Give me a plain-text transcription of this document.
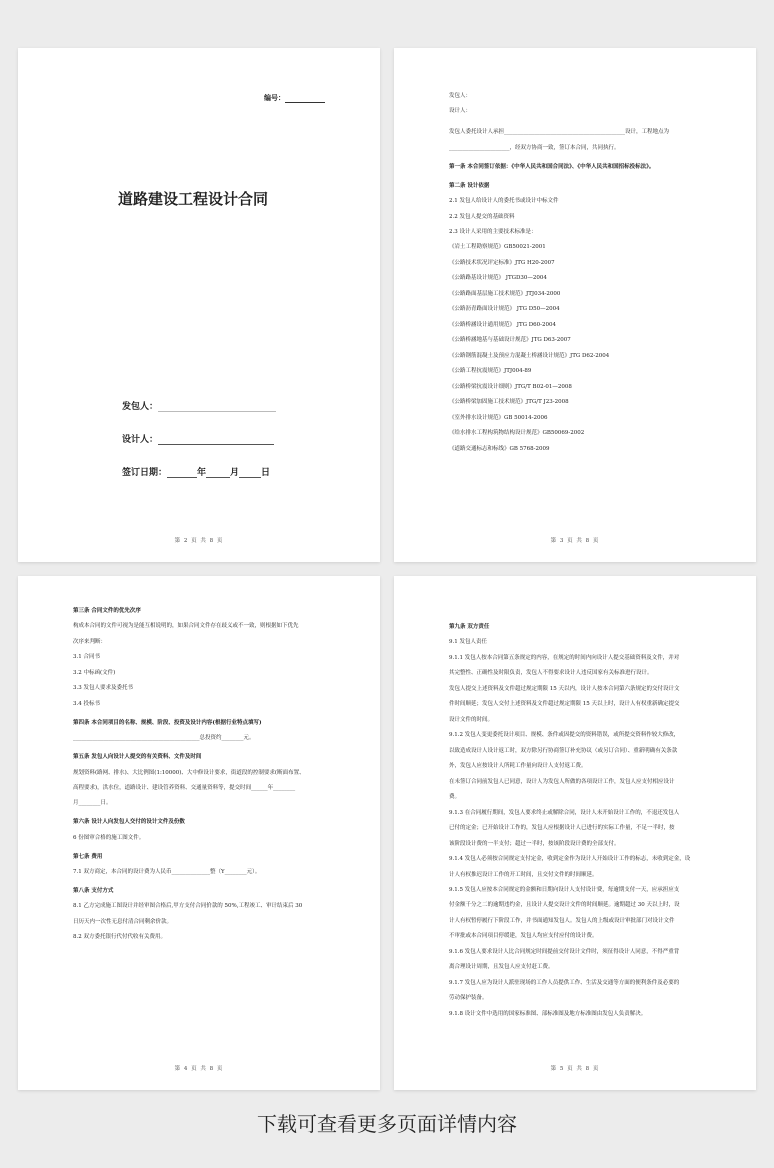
编号：
道路建设工程设计合同
发包人：
设计人：
签订日期：	年	月 日
第 2 页 共 8 页

发包人：

设计人：

发包人委托设计人承担____________________________________________设计，工程地点为

______________________，经双方协商一致，签订本合同，共同执行。

第一条 本合同签订依据：《中华人民共和国合同法》、《中华人民共和国招标投标法》。

第二条 设计依据

2.1 发包人给设计人的委托书或设计中标文件

2.2 发包人提交的基础资料

2.3 设计人采用的主要技术标准是：

《岩土工程勘察规范》GB50021-2001

《公路技术状况评定标准》JTG H20-2007

《公路路基设计规范》 JTGD30—2004

《公路路面基层施工技术规范》JTJ034-2000

《公路沥青路面设计规范》 JTG D50—2004

《公路桥涵设计通用规范》 JTG D60-2004

《公路桥涵地基与基础设计规范》JTG D63-2007

《公路钢筋混凝土及预应力混凝土桥涵设计规范》JTG D62-2004

《公路工程抗震规范》JTJ004-89

《公路桥梁抗震设计细则》JTG/T B02-01—2008

《公路桥梁加固施工技术规范》JTG/T J23-2008

《室外排水设计规范》GB 50014-2006

《给水排水工程构筑物结构设计规范》GB50069-2002

《道路交通标志和标线》GB 5768-2009

第 3 页 共 8 页

第三条 合同文件的优先次序

构成本合同的文件可视为是能互相说明的，如果合同文件存在歧义或不一致，则根据如下优先

次序来判断：

3.1 合同书

3.2 中标函(文件)

3.3 发包人要求及委托书

3.4 投标书

第四条 本合同项目的名称、规模、阶段、投资及设计内容(根据行业特点填写)

______________________________________________总投资约________元。

第五条 发包人向设计人提交的有关资料、文件及时间

规划资料(路网、排水)、大比例图(1:10000)、大中修设计要求，街道段的控制要求(断面布置、

高程要求)，洪水位，道路设计、建设管养资料、交通量资料等，提交时间______年________

月________日。

第六条 设计人向发包人交付的设计文件及份数

6 份图审合格的施工图文件。

第七条 费用

7.1 双方商定，本合同的设计费为人民币______________整（Y________元）。

第八条 支付方式

8.1 乙方完成施工图设计并经审图合格后,甲方支付合同价款的 50%,工程竣工、审计结束后 30

日历天内一次性无息付清合同剩余价款。

8.2 双方委托银行代付代收有关费用。

第 4 页 共 8 页

第九条 双方责任

9.1 发包人责任

9.1.1 发包人按本合同第五条规定的内容，在规定的时间内向设计人提交基础资料及文件，并对

其完整性、正确性及时限负责，发包人不得要求设计人违反国家有关标准进行设计。

发包人提交上述资料及文件超过规定期限 15 天以内，设计人按本合同第六条规定的交付设计文

件时间顺延；发包人交付上述资料及文件超过规定期限 15 天以上时，设计人有权重新确定提交

设计文件的时间。

9.1.2 发包人变更委托设计项目、规模、条件或因提交的资料错误，或所提交资料作较大修改，

以致造成设计人设计返工时，双方除另行协商签订补充协议（或另订合同）、重新明确有关条款

外，发包人应按设计人所耗工作量向设计人支付返工费。

在未签订合同前发包人已同意，设计人为发包人所做的各项设计工作，发包人应支付相应设计

费。

9.1.3 在合同履行期间，发包人要求终止或解除合同，设计人未开始设计工作的，不退还发包人

已付的定金；已开始设计工作的，发包人应根据设计人已进行的实际工作量，不足一半时，按

该阶段设计费的一半支付；超过一半时，按该阶段设计费的全部支付。

9.1.4 发包人必须按合同规定支付定金，收到定金作为设计人开始设计工作的标志，未收到定金，设

计人有权推迟设计工作的开工时间，且交付文件的时间顺延。

9.1.5 发包人应按本合同规定的金额和日期向设计人支付设计费，每逾期支付一天，应承担应支

付金额千分之二的逾期违约金，且设计人提交设计文件的时间顺延。逾期超过 30 天以上时，设

计人有权暂停履行下阶段工作，并书面通知发包人。发包人的上级或设计审批部门对设计文件

不审批或本合同项目停缓建，发包人均应支付应付的设计费。

9.1.6 发包人要求设计人比合同规定时间提前交付设计文件时，须征得设计人同意，不得严重背

离合理设计周期，且发包人应支付赶工费。

9.1.7 发包人应为设计人派驻现场的工作人员提供工作、生活及交通等方面的便利条件及必要的

劳动保护装备。

9.1.8 设计文件中选用的国家标准图、部标准图及地方标准图由发包人负责解决。

第 5 页 共 8 页
下载可查看更多页面详情内容
